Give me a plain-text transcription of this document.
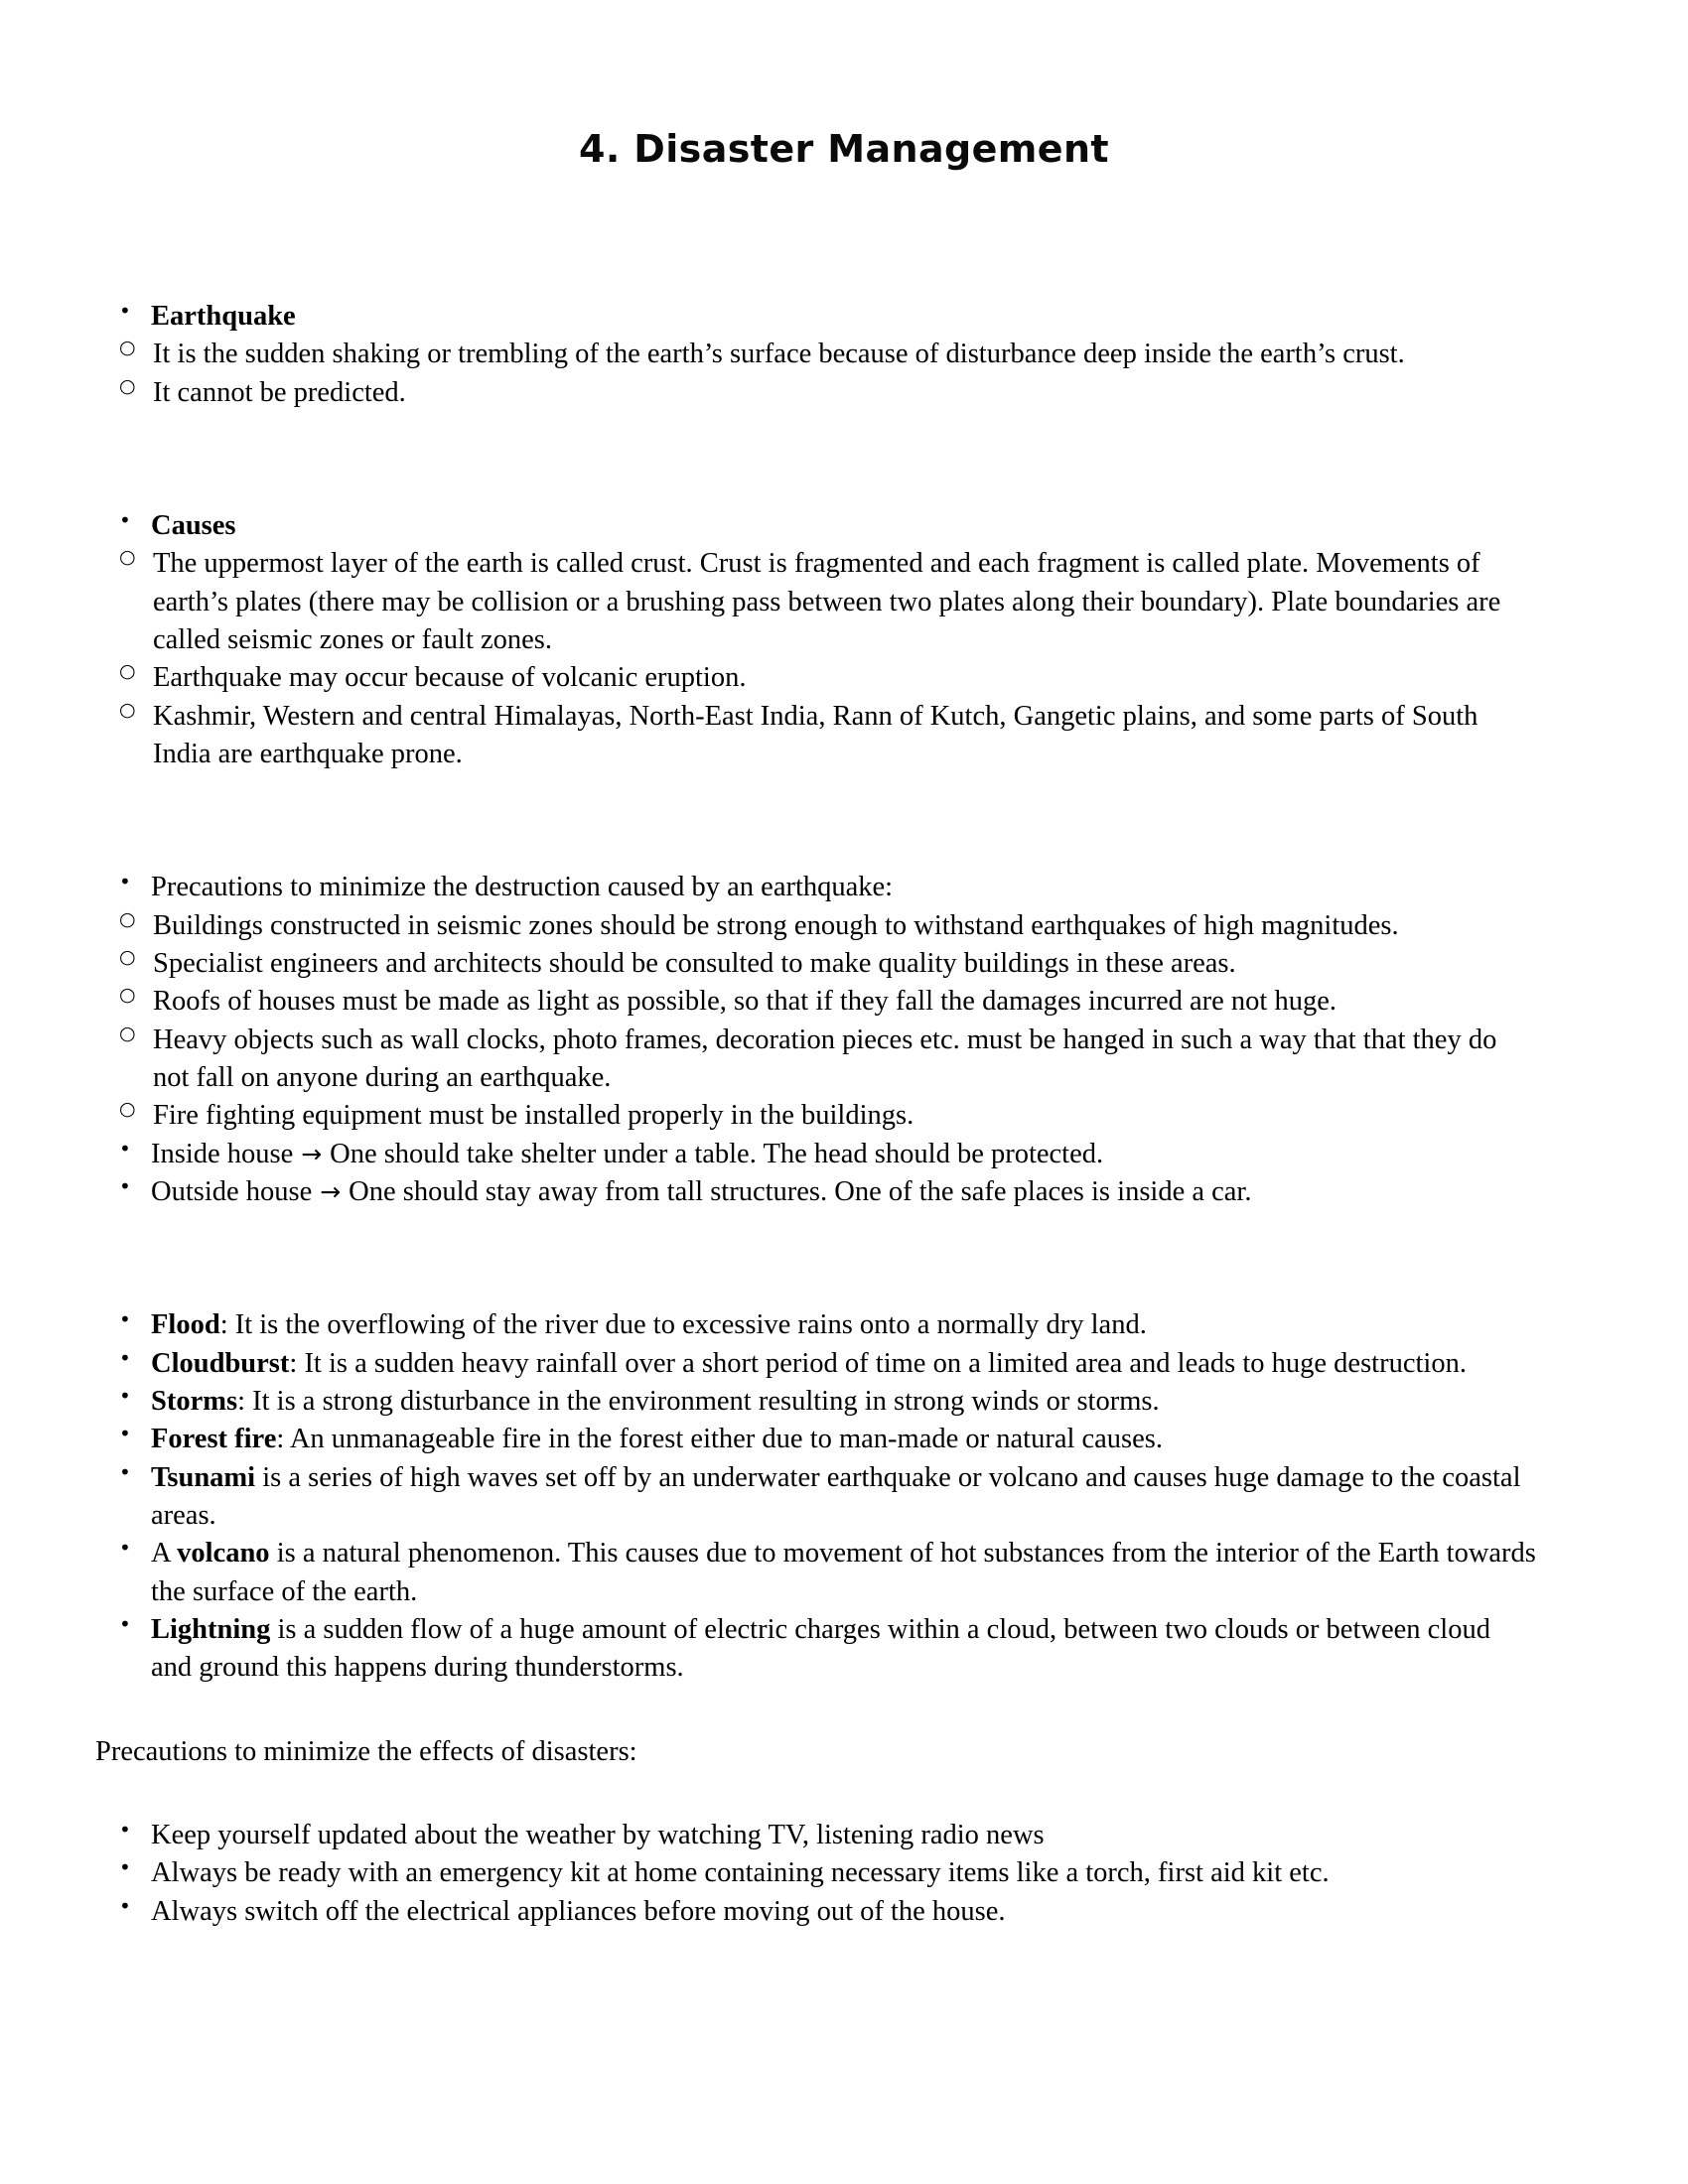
4. Disaster Management
• Earthquake
○ It is the sudden shaking or trembling of the earth’s surface because of disturbance deep inside the earth’s crust.
○ It cannot be predicted.
• Causes
○ The uppermost layer of the earth is called crust. Crust is fragmented and each fragment is called plate. Movements of earth’s plates (there may be collision or a brushing pass between two plates along their boundary). Plate boundaries are called seismic zones or fault zones.
○ Earthquake may occur because of volcanic eruption.
○ Kashmir, Western and central Himalayas, North-East India, Rann of Kutch, Gangetic plains, and some parts of South India are earthquake prone.
• Precautions to minimize the destruction caused by an earthquake:
○ Buildings constructed in seismic zones should be strong enough to withstand earthquakes of high magnitudes.
○ Specialist engineers and architects should be consulted to make quality buildings in these areas.
○ Roofs of houses must be made as light as possible, so that if they fall the damages incurred are not huge.
○ Heavy objects such as wall clocks, photo frames, decoration pieces etc. must be hanged in such a way that that they do not fall on anyone during an earthquake.
○ Fire fighting equipment must be installed properly in the buildings.
• Inside house → One should take shelter under a table. The head should be protected.
• Outside house → One should stay away from tall structures. One of the safe places is inside a car.
• Flood: It is the overflowing of the river due to excessive rains onto a normally dry land.
• Cloudburst: It is a sudden heavy rainfall over a short period of time on a limited area and leads to huge destruction.
• Storms: It is a strong disturbance in the environment resulting in strong winds or storms.
• Forest fire: An unmanageable fire in the forest either due to man-made or natural causes.
• Tsunami is a series of high waves set off by an underwater earthquake or volcano and causes huge damage to the coastal areas.
• A volcano is a natural phenomenon. This causes due to movement of hot substances from the interior of the Earth towards the surface of the earth.
• Lightning is a sudden flow of a huge amount of electric charges within a cloud, between two clouds or between cloud and ground this happens during thunderstorms.

Precautions to minimize the effects of disasters:

• Keep yourself updated about the weather by watching TV, listening radio news
• Always be ready with an emergency kit at home containing necessary items like a torch, first aid kit etc.
• Always switch off the electrical appliances before moving out of the house.
